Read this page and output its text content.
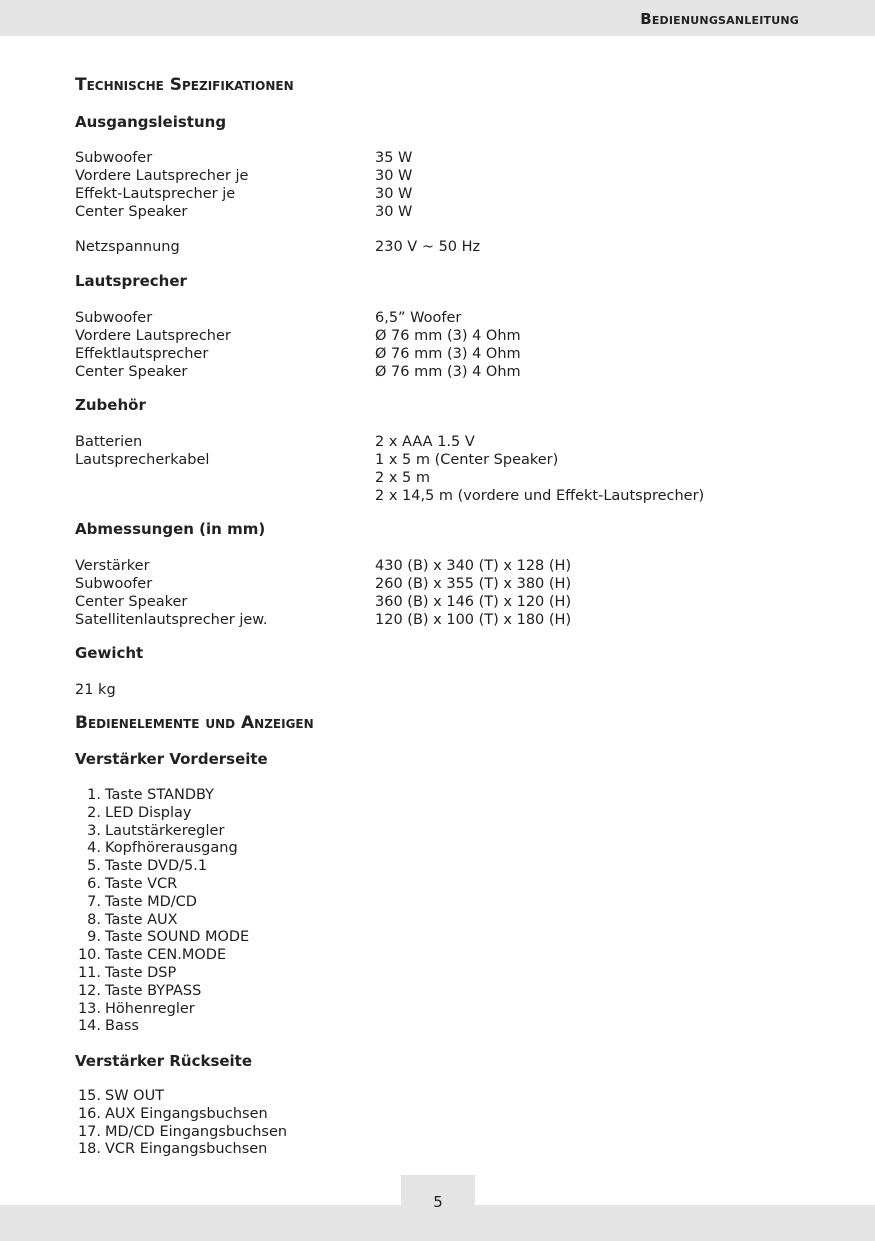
Bedienungsanleitung
Technische Spezifikationen
Ausgangsleistung
Subwoofer	35 W
Vordere Lautsprecher je	30 W
Effekt-Lautsprecher je	30 W
Center Speaker	30 W
Netzspannung	230 V ~ 50 Hz
Lautsprecher
Subwoofer	6,5” Woofer
Vordere Lautsprecher	Ø 76 mm (3) 4 Ohm
Effektlautsprecher	Ø 76 mm (3) 4 Ohm
Center Speaker	Ø 76 mm (3) 4 Ohm
Zubehör
Batterien	2 x AAA 1.5 V
Lautsprecherkabel	1 x 5 m (Center Speaker)
2 x 5 m
2 x 14,5 m (vordere und Effekt-Lautsprecher)
Abmessungen (in mm)
Verstärker	430 (B) x 340 (T) x 128 (H)
Subwoofer	260 (B) x 355 (T) x 380 (H)
Center Speaker	360 (B) x 146 (T) x 120 (H)
Satellitenlautsprecher jew.	120 (B) x 100 (T) x 180 (H)
Gewicht
21 kg
Bedienelemente und Anzeigen
Verstärker Vorderseite
1. Taste STANDBY
2. LED Display
3. Lautstärkeregler
4. Kopfhörerausgang
5. Taste DVD/5.1
6. Taste VCR
7. Taste MD/CD
8. Taste AUX
9. Taste SOUND MODE
10. Taste CEN.MODE
11. Taste DSP
12. Taste BYPASS
13. Höhenregler
14. Bass
Verstärker Rückseite
15. SW OUT
16. AUX Eingangsbuchsen
17. MD/CD Eingangsbuchsen
18. VCR Eingangsbuchsen
5
